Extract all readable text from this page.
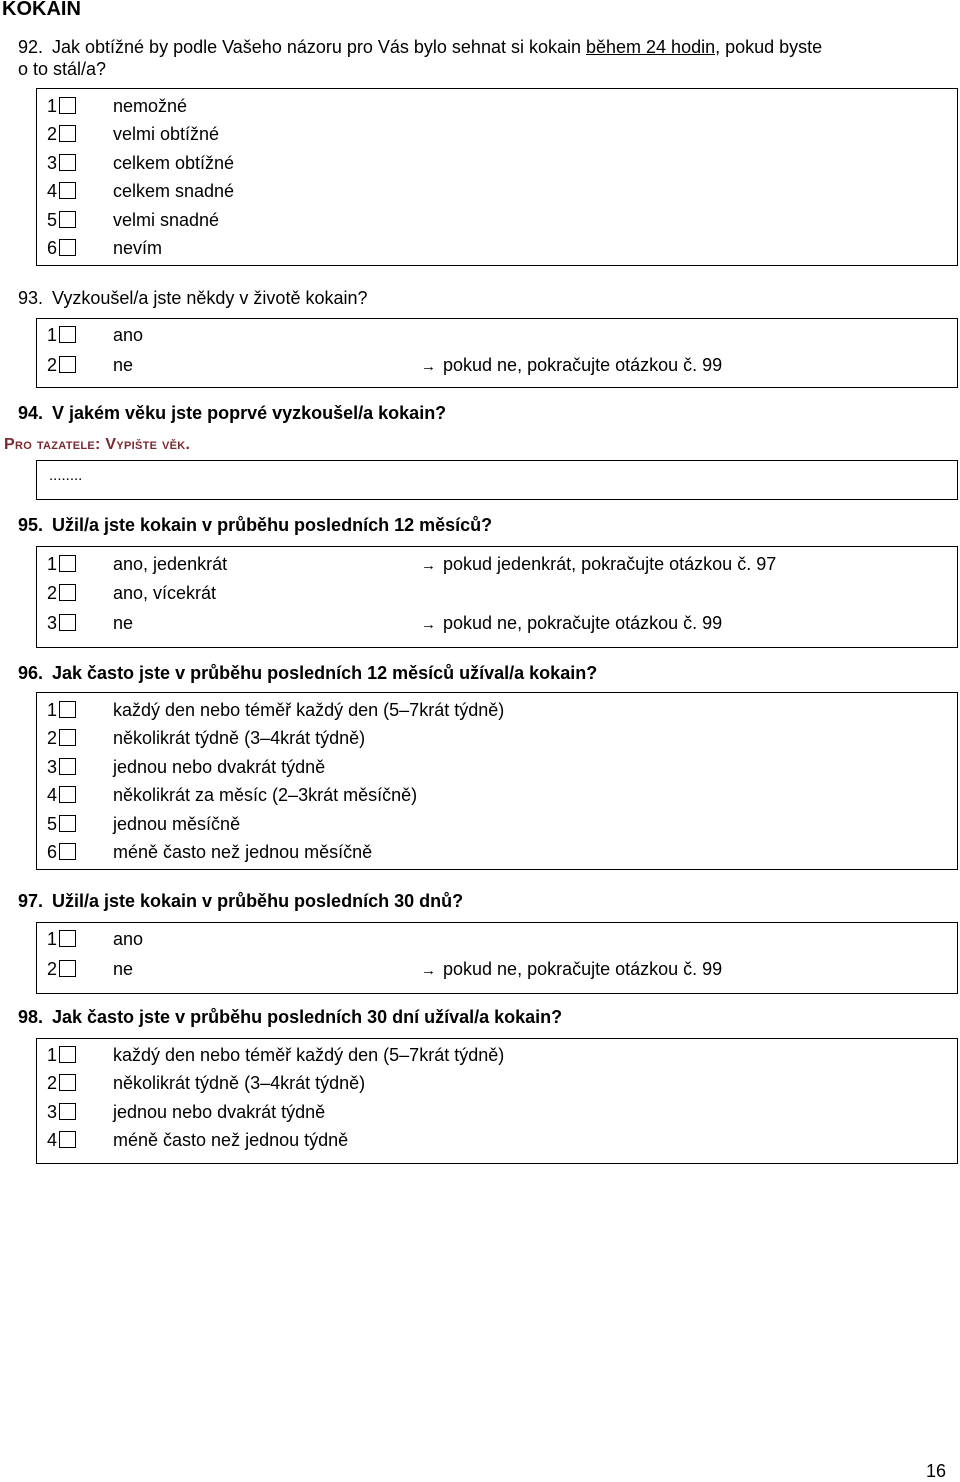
KOKAIN
92. Jak obtížné by podle Vašeho názoru pro Vás bylo sehnat si kokain během 24 hodin, pokud byste
o to stál/a?
1	nemožné
2	velmi obtížné
3	celkem obtížné
4	celkem snadné
5	velmi snadné
6	nevím
93. Vyzkoušel/a jste někdy v životě kokain?
1	ano
2	ne	→ pokud ne, pokračujte otázkou č. 99
94. V jakém věku jste poprvé vyzkoušel/a kokain?
Pro tazatele: Vypište věk.
........
95. Užil/a jste kokain v průběhu posledních 12 měsíců?
1	ano, jedenkrát	→ pokud jedenkrát, pokračujte otázkou č. 97
2	ano, vícekrát
3	ne	→ pokud ne, pokračujte otázkou č. 99
96. Jak často jste v průběhu posledních 12 měsíců užíval/a kokain?
1	každý den nebo téměř každý den (5–7krát týdně)
2	několikrát týdně (3–4krát týdně)
3	jednou nebo dvakrát týdně
4	několikrát za měsíc (2–3krát měsíčně)
5	jednou měsíčně
6	méně často než jednou měsíčně
97. Užil/a jste kokain v průběhu posledních 30 dnů?
1	ano
2	ne	→ pokud ne, pokračujte otázkou č. 99
98. Jak často jste v průběhu posledních 30 dní užíval/a kokain?
1	každý den nebo téměř každý den (5–7krát týdně)
2	několikrát týdně (3–4krát týdně)
3	jednou nebo dvakrát týdně
4	méně často než jednou týdně
16
